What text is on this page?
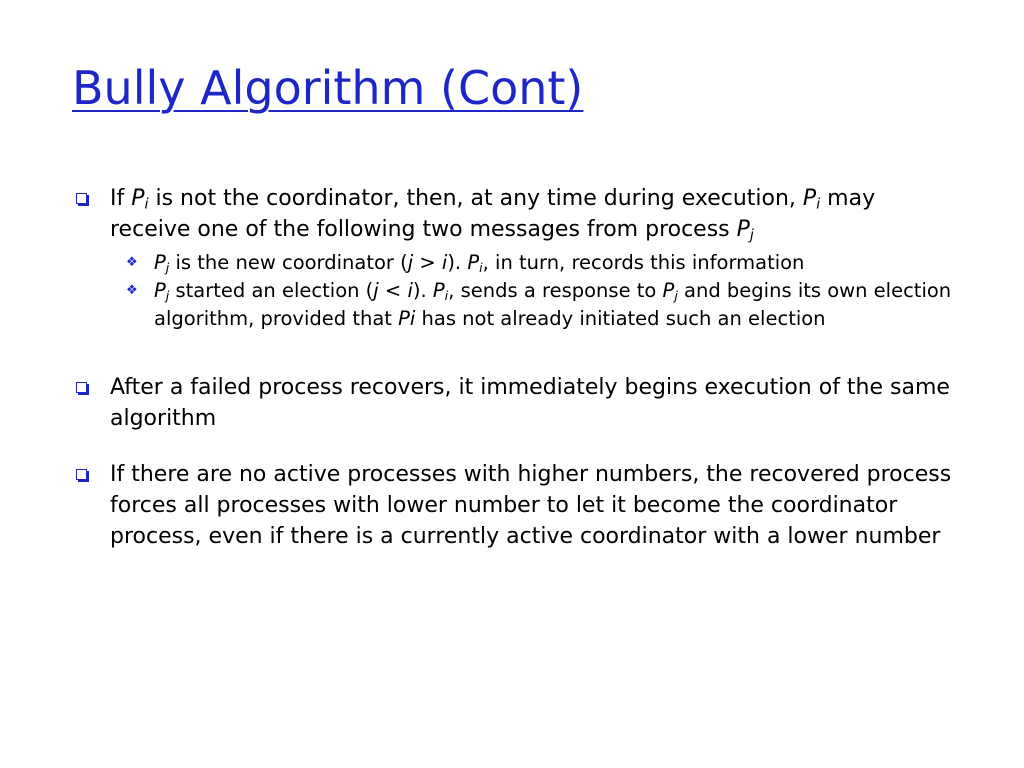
Bully Algorithm (Cont)
If $P_i$ is not the coordinator, then, at any time during execution, $P_i$ may receive one of the following two messages from process $P_j$
❖ $P_j$ is the new coordinator (j > i). $P_i$, in turn, records this information
❖ $P_j$ started an election (j < i). $P_i$, sends a response to $P_j$ and begins its own election algorithm, provided that Pi has not already initiated such an election
After a failed process recovers, it immediately begins execution of the same algorithm
If there are no active processes with higher numbers, the recovered process forces all processes with lower number to let it become the coordinator process, even if there is a currently active coordinator with a lower number
